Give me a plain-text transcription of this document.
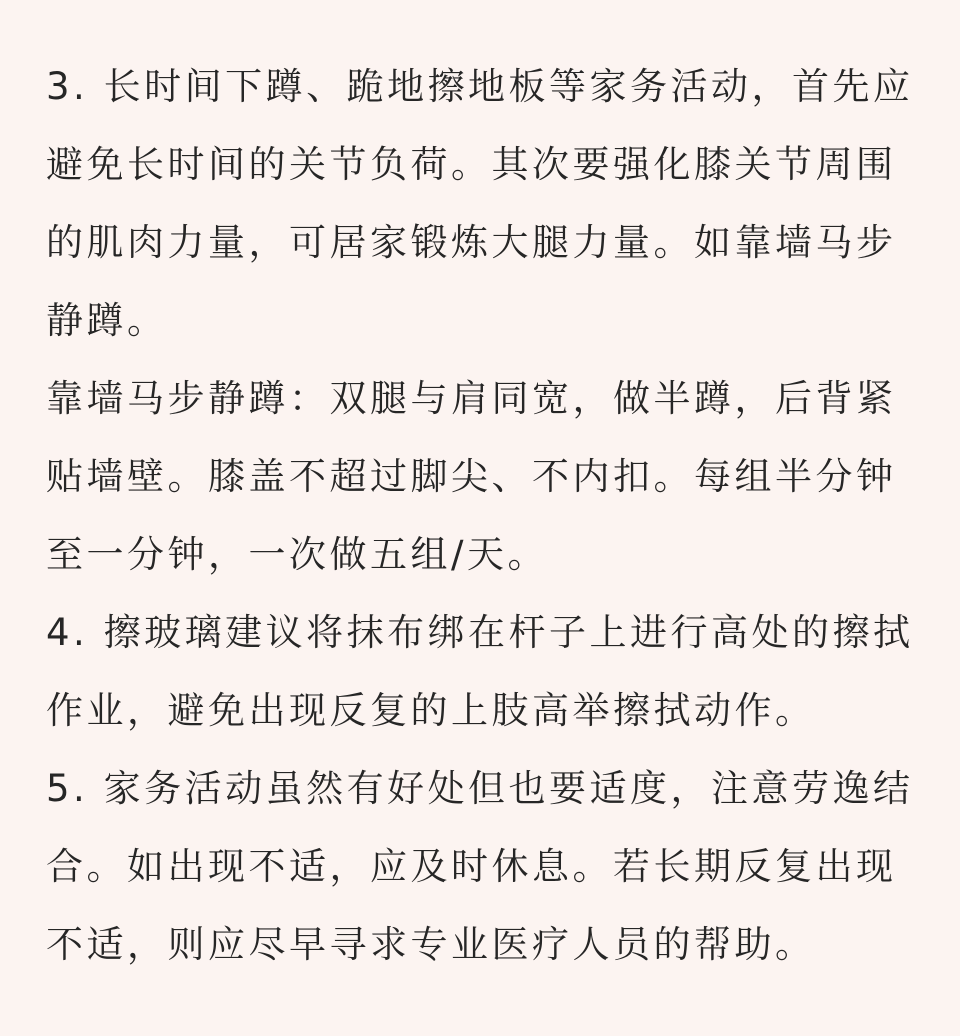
3. 长时间下蹲、跪地擦地板等家务活动，首先应
避免长时间的关节负荷。其次要强化膝关节周围
的肌肉力量，可居家锻炼大腿力量。如靠墙马步
静蹲。

靠墙马步静蹲：双腿与肩同宽，做半蹲，后背紧
贴墙壁。膝盖不超过脚尖、不内扣。每组半分钟
至一分钟，一次做五组/天。

4. 擦玻璃建议将抹布绑在杆子上进行高处的擦拭
作业，避免出现反复的上肢高举擦拭动作。

5. 家务活动虽然有好处但也要适度，注意劳逸结
合。如出现不适，应及时休息。若长期反复出现
不适，则应尽早寻求专业医疗人员的帮助。
